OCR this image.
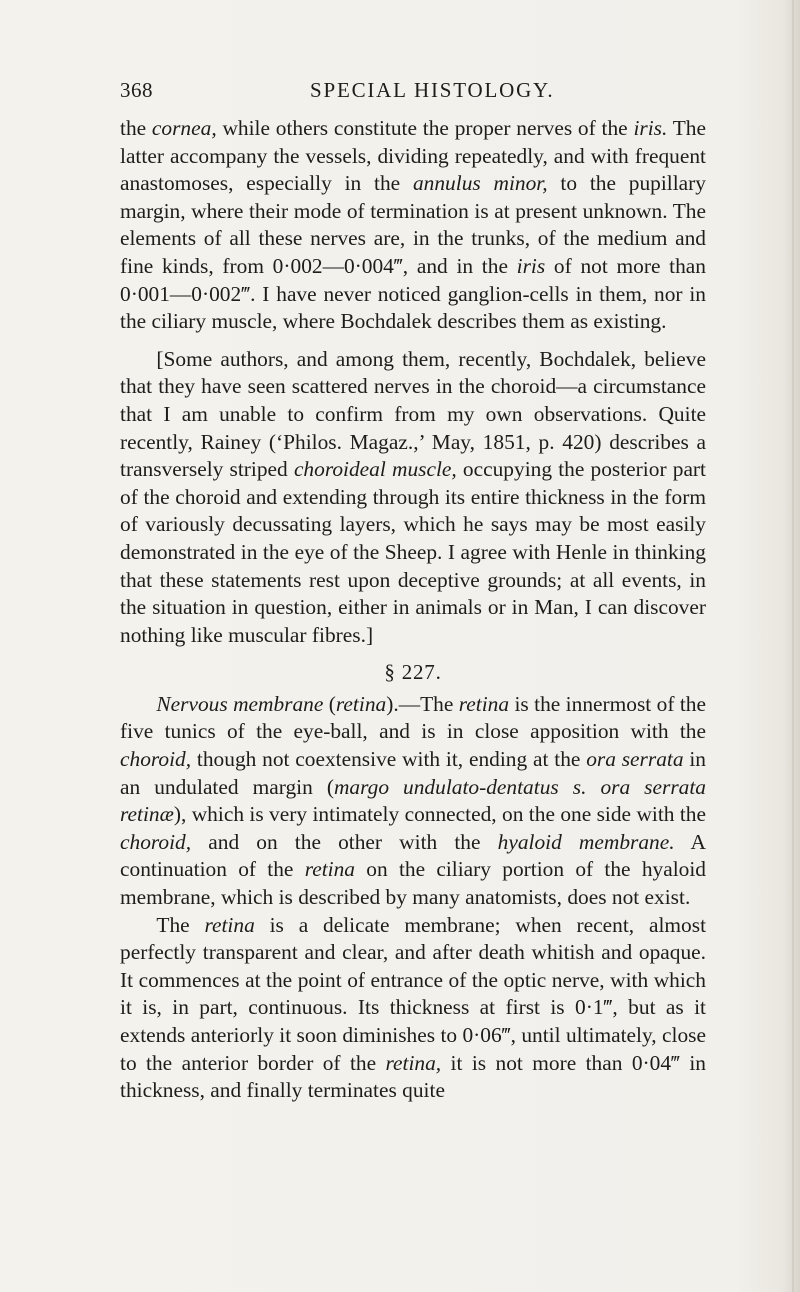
368	SPECIAL HISTOLOGY.

the cornea, while others constitute the proper nerves of the iris. The latter accompany the vessels, dividing repeatedly, and with frequent anastomoses, especially in the annulus minor, to the pupillary margin, where their mode of termination is at present unknown. The elements of all these nerves are, in the trunks, of the medium and fine kinds, from 0·002—0·004‴, and in the iris of not more than 0·001—0·002‴. I have never noticed ganglion-cells in them, nor in the ciliary muscle, where Bochdalek describes them as existing.

[Some authors, and among them, recently, Bochdalek, believe that they have seen scattered nerves in the choroid—a circumstance that I am unable to confirm from my own observations. Quite recently, Rainey (‘Philos. Magaz.,’ May, 1851, p. 420) describes a transversely striped choroideal muscle, occupying the posterior part of the choroid and extending through its entire thickness in the form of variously decussating layers, which he says may be most easily demonstrated in the eye of the Sheep. I agree with Henle in thinking that these statements rest upon deceptive grounds; at all events, in the situation in question, either in animals or in Man, I can discover nothing like muscular fibres.]

§ 227.

Nervous membrane (retina).—The retina is the innermost of the five tunics of the eye-ball, and is in close apposition with the choroid, though not coextensive with it, ending at the ora serrata in an undulated margin (margo undulato-dentatus s. ora serrata retinæ), which is very intimately connected, on the one side with the choroid, and on the other with the hyaloid membrane. A continuation of the retina on the ciliary portion of the hyaloid membrane, which is described by many anatomists, does not exist.

The retina is a delicate membrane; when recent, almost perfectly transparent and clear, and after death whitish and opaque. It commences at the point of entrance of the optic nerve, with which it is, in part, continuous. Its thickness at first is 0·1‴, but as it extends anteriorly it soon diminishes to 0·06‴, until ultimately, close to the anterior border of the retina, it is not more than 0·04‴ in thickness, and finally terminates quite
